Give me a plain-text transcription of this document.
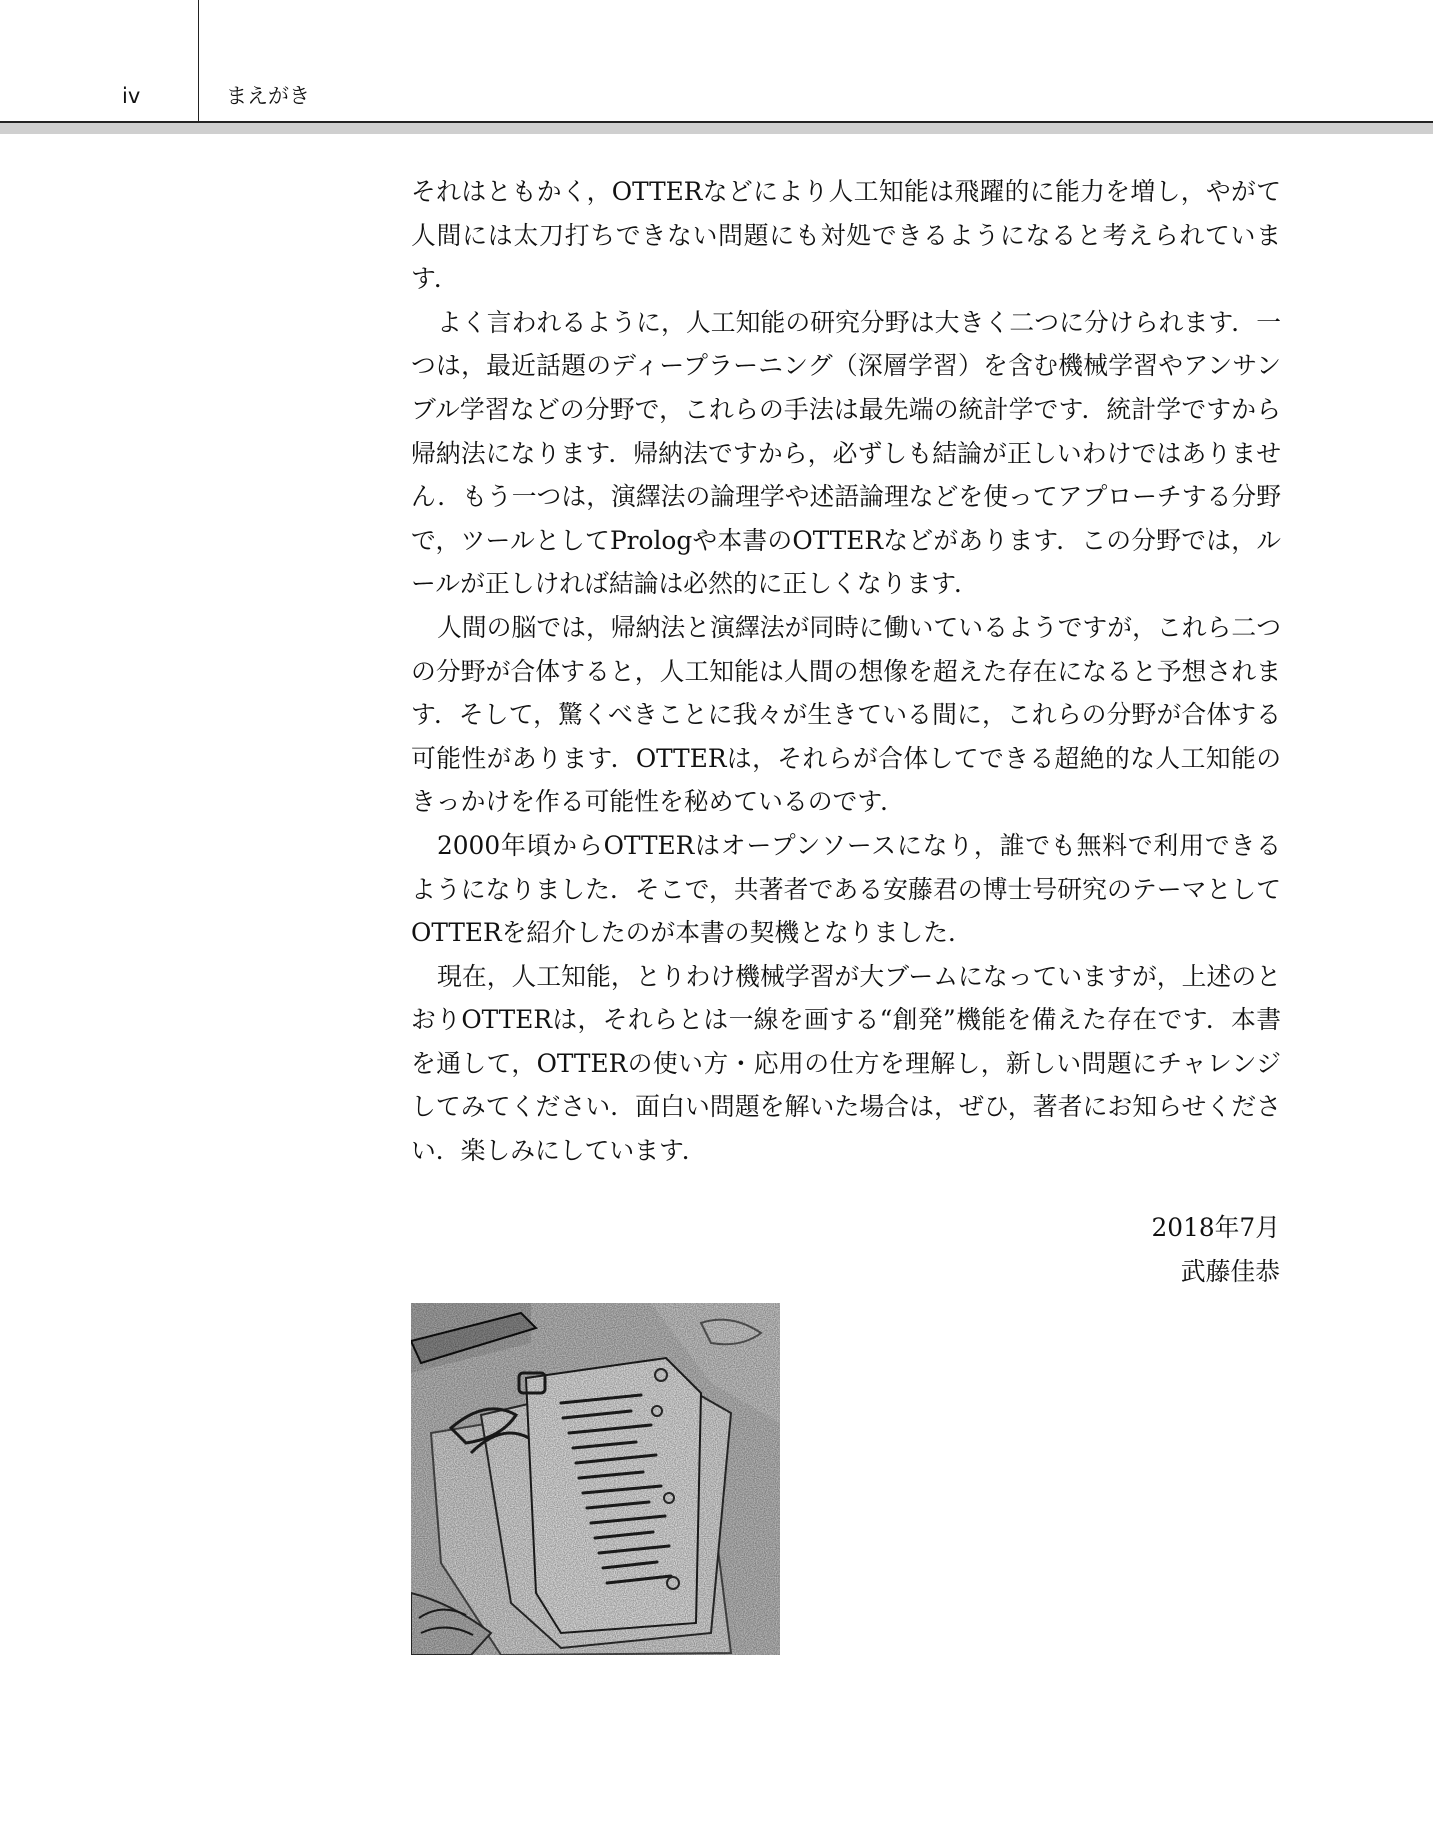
iv	まえがき

それはともかく，OTTERなどにより人工知能は飛躍的に能力を増し，やがて人間には太刀打ちできない問題にも対処できるようになると考えられています．

よく言われるように，人工知能の研究分野は大きく二つに分けられます．一つは，最近話題のディープラーニング（深層学習）を含む機械学習やアンサンブル学習などの分野で，これらの手法は最先端の統計学です．統計学ですから帰納法になります．帰納法ですから，必ずしも結論が正しいわけではありません．もう一つは，演繹法の論理学や述語論理などを使ってアプローチする分野で，ツールとしてPrologや本書のOTTERなどがあります．この分野では，ルールが正しければ結論は必然的に正しくなります．

人間の脳では，帰納法と演繹法が同時に働いているようですが，これら二つの分野が合体すると，人工知能は人間の想像を超えた存在になると予想されます．そして，驚くべきことに我々が生きている間に，これらの分野が合体する可能性があります．OTTERは，それらが合体してできる超絶的な人工知能のきっかけを作る可能性を秘めているのです．

2000年頃からOTTERはオープンソースになり，誰でも無料で利用できるようになりました．そこで，共著者である安藤君の博士号研究のテーマとしてOTTERを紹介したのが本書の契機となりました．

現在，人工知能，とりわけ機械学習が大ブームになっていますが，上述のとおりOTTERは，それらとは一線を画する“創発”機能を備えた存在です．本書を通して，OTTERの使い方・応用の仕方を理解し，新しい問題にチャレンジしてみてください．面白い問題を解いた場合は，ぜひ，著者にお知らせください．楽しみにしています．

2018年7月
武藤佳恭
